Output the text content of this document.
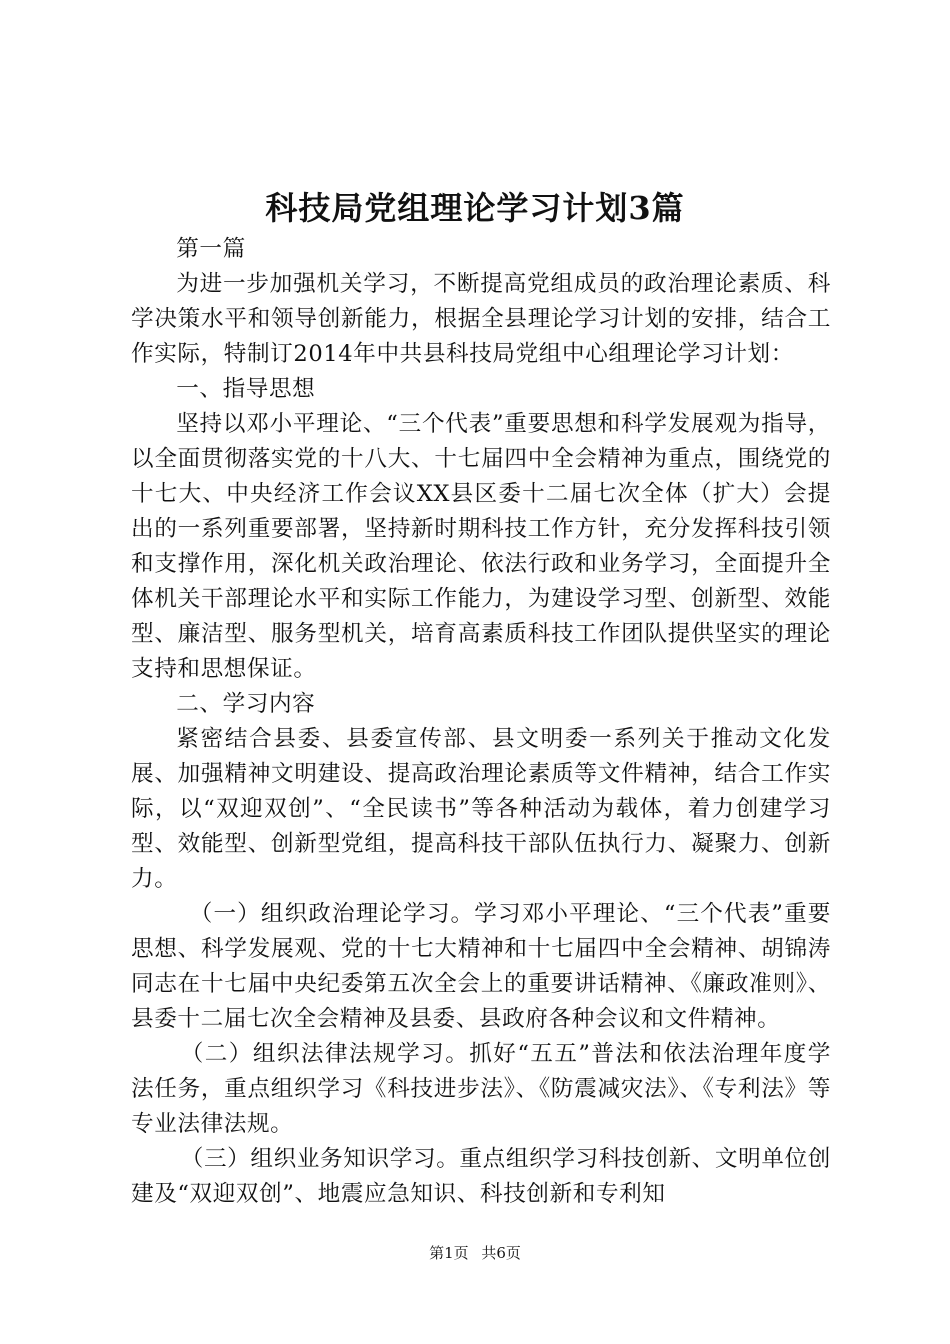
科技局党组理论学习计划3篇

第一篇

为进一步加强机关学习，不断提高党组成员的政治理论素质、科学决策水平和领导创新能力，根据全县理论学习计划的安排，结合工作实际，特制订2014年中共县科技局党组中心组理论学习计划：

一、指导思想

坚持以邓小平理论、“三个代表”重要思想和科学发展观为指导，以全面贯彻落实党的十八大、十七届四中全会精神为重点，围绕党的十七大、中央经济工作会议XX县区委十二届七次全体（扩大）会提出的一系列重要部署，坚持新时期科技工作方针，充分发挥科技引领和支撑作用，深化机关政治理论、依法行政和业务学习，全面提升全体机关干部理论水平和实际工作能力，为建设学习型、创新型、效能型、廉洁型、服务型机关，培育高素质科技工作团队提供坚实的理论支持和思想保证。

二、学习内容

紧密结合县委、县委宣传部、县文明委一系列关于推动文化发展、加强精神文明建设、提高政治理论素质等文件精神，结合工作实际，以“双迎双创”、“全民读书”等各种活动为载体，着力创建学习型、效能型、创新型党组，提高科技干部队伍执行力、凝聚力、创新力。

（一）组织政治理论学习。学习邓小平理论、“三个代表”重要思想、科学发展观、党的十七大精神和十七届四中全会精神、胡锦涛同志在十七届中央纪委第五次全会上的重要讲话精神、《廉政准则》、县委十二届七次全会精神及县委、县政府各种会议和文件精神。

（二）组织法律法规学习。抓好“五五”普法和依法治理年度学法任务，重点组织学习《科技进步法》、《防震减灾法》、《专利法》等专业法律法规。

（三）组织业务知识学习。重点组织学习科技创新、文明单位创建及“双迎双创”、地震应急知识、科技创新和专利知

第1页 共6页
